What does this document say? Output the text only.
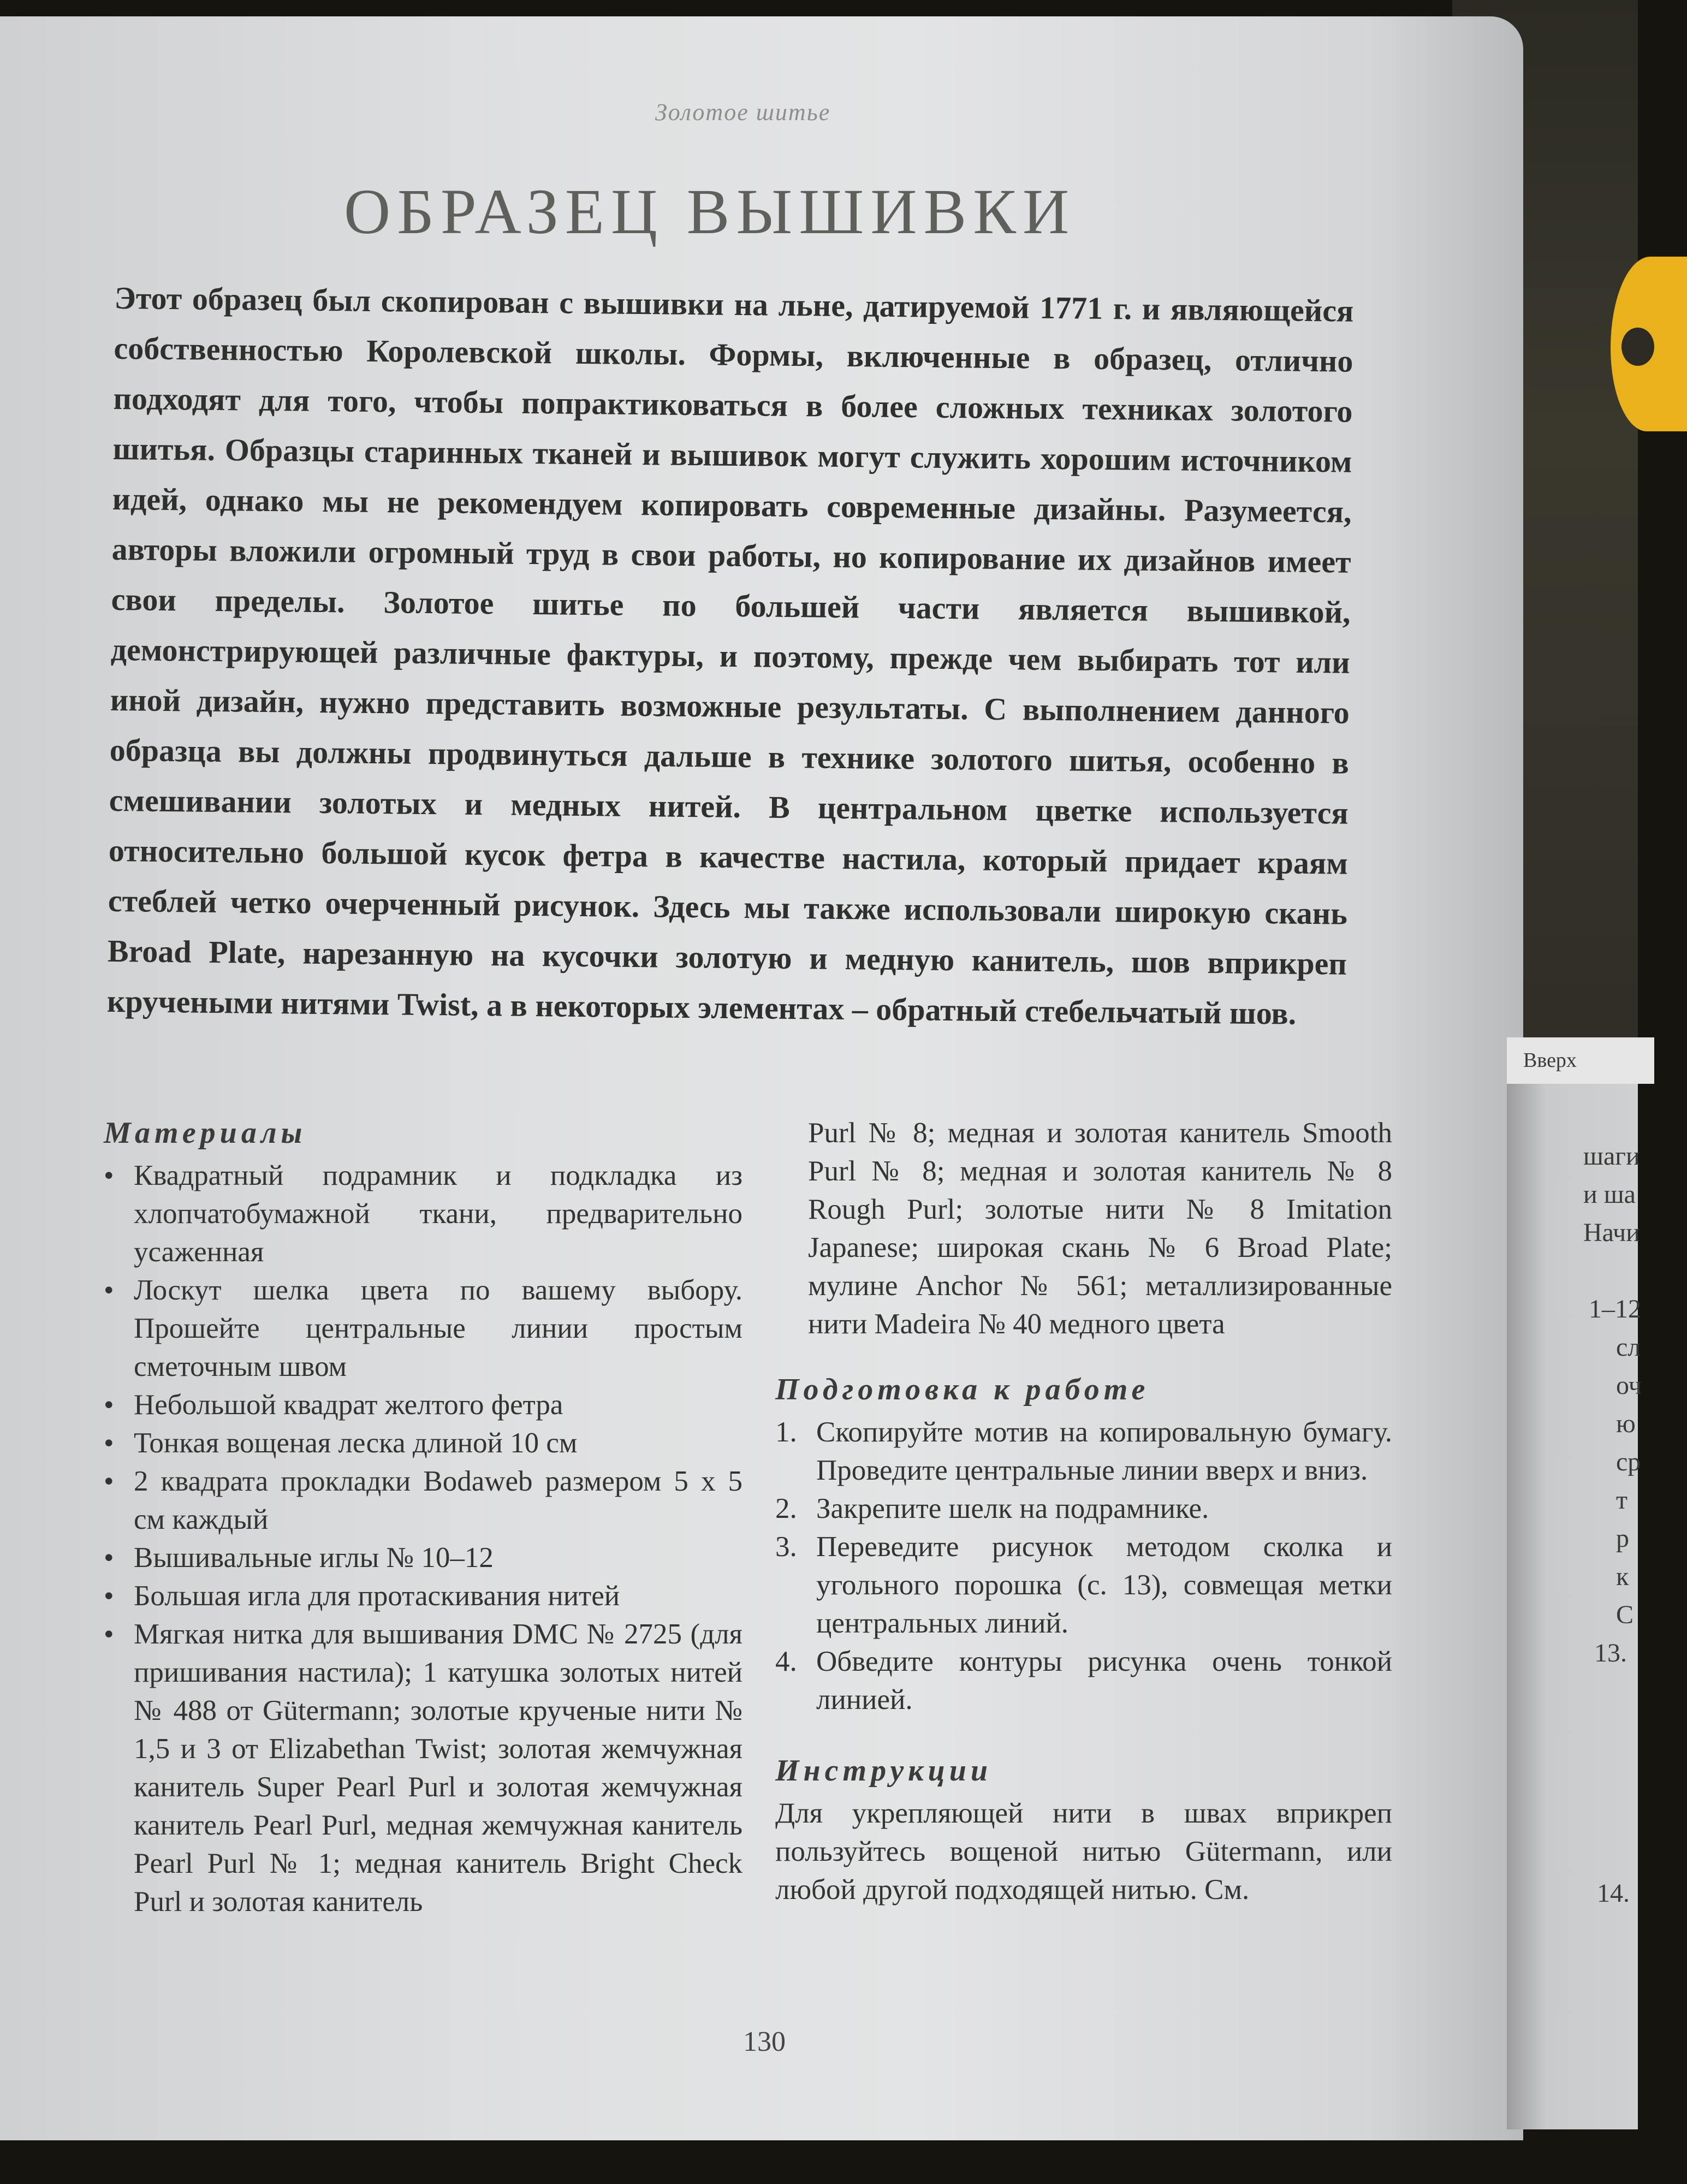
Золотое шитье
ОБРАЗЕЦ ВЫШИВКИ
Этот образец был скопирован с вышивки на льне, датируемой 1771 г. и являющейся собственностью Королевской школы. Формы, включенные в образец, отлично подходят для того, чтобы попрактиковаться в более сложных техниках золотого шитья. Образцы старинных тканей и вышивок могут служить хорошим источником идей, однако мы не рекомендуем копировать современные дизайны. Разумеется, авторы вложили огромный труд в свои работы, но копирование их дизайнов имеет свои пределы. Золотое шитье по большей части является вышивкой, демонстрирующей различные фактуры, и поэтому, прежде чем выбирать тот или иной дизайн, нужно представить возможные результаты. С выполнением данного образца вы должны продвинуться дальше в технике золотого шитья, особенно в смешивании золотых и медных нитей. В центральном цветке используется относительно большой кусок фетра в качестве настила, который придает краям стеблей четко очерченный рисунок. Здесь мы также использовали широкую скань Broad Plate, нарезанную на кусочки золотую и медную канитель, шов вприкреп кручеными нитями Twist, а в некоторых элементах – обратный стебельчатый шов.
Материалы
• Квадратный подрамник и подкладка из хлопчатобумажной ткани, предварительно усаженная
• Лоскут шелка цвета по вашему выбору. Прошейте центральные линии простым сметочным швом
• Небольшой квадрат желтого фетра
• Тонкая вощеная леска длиной 10 см
• 2 квадрата прокладки Bodaweb размером 5 х 5 см каждый
• Вышивальные иглы № 10–12
• Большая игла для протаскивания нитей
• Мягкая нитка для вышивания DMC № 2725 (для пришивания настила); 1 катушка золотых нитей № 488 от Gütermann; золотые крученые нити № 1,5 и 3 от Elizabethan Twist; золотая жемчужная канитель Super Pearl Purl и золотая жемчужная канитель Pearl Purl, медная жемчужная канитель Pearl Purl № 1; медная канитель Bright Check Purl и золотая канитель
Purl № 8; медная и золотая канитель Smooth Purl № 8; медная и золотая канитель № 8 Rough Purl; золотые нити № 8 Imitation Japanese; широкая скань № 6 Broad Plate; мулине Anchor № 561; металлизированные нити Madeira № 40 медного цвета
Подготовка к работе
1. Скопируйте мотив на копировальную бумагу. Проведите центральные линии вверх и вниз.
2. Закрепите шелк на подрамнике.
3. Переведите рисунок методом сколка и угольного порошка (с. 13), совмещая метки центральных линий.
4. Обведите контуры рисунка очень тонкой линией.
Инструкции

Для укрепляющей нити в швах вприкреп пользуйтесь вощеной нитью Gütermann, или любой другой подходящей нитью. См.

130
Вверх
шаги
и ша
Начи
1–12
сл
оч
ю
ср
т
р
к
С
13.
14.
